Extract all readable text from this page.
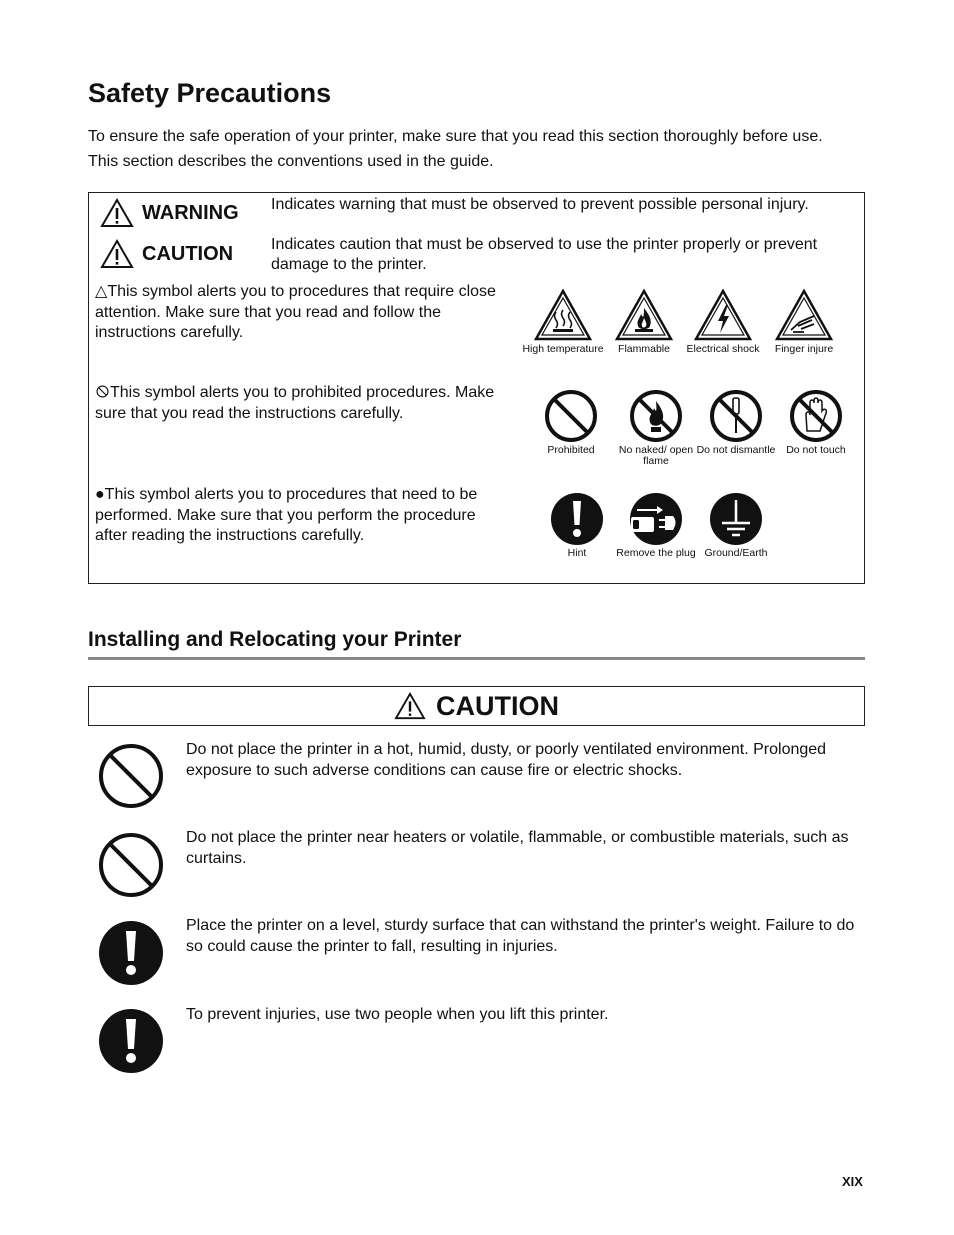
Safety Precautions
To ensure the safe operation of your printer, make sure that you read this section thoroughly before use.
This section describes the conventions used in the guide.
WARNING Indicates warning that must be observed to prevent possible personal injury.
CAUTION Indicates caution that must be observed to use the printer properly or prevent damage to the printer.
△This symbol alerts you to procedures that require close attention. Make sure that you read and follow the instructions carefully.
High temperature	Flammable	Electrical shock	Finger injure
This symbol alerts you to prohibited procedures. Make sure that you read the instructions carefully.
Prohibited	No naked/ open flame
Do not dismantle	Do not touch
●This symbol alerts you to procedures that need to be performed. Make sure that you perform the procedure after reading the instructions carefully.
Hint	Remove the plug Ground/Earth
Installing and Relocating your Printer
CAUTION
Do not place the printer in a hot, humid, dusty, or poorly ventilated environment. Prolonged exposure to such adverse conditions can cause fire or electric shocks.
Do not place the printer near heaters or volatile, flammable, or combustible materials, such as curtains.
Place the printer on a level, sturdy surface that can withstand the printer's weight. Failure to do so could cause the printer to fall, resulting in injuries.
To prevent injuries, use two people when you lift this printer.
XIX
